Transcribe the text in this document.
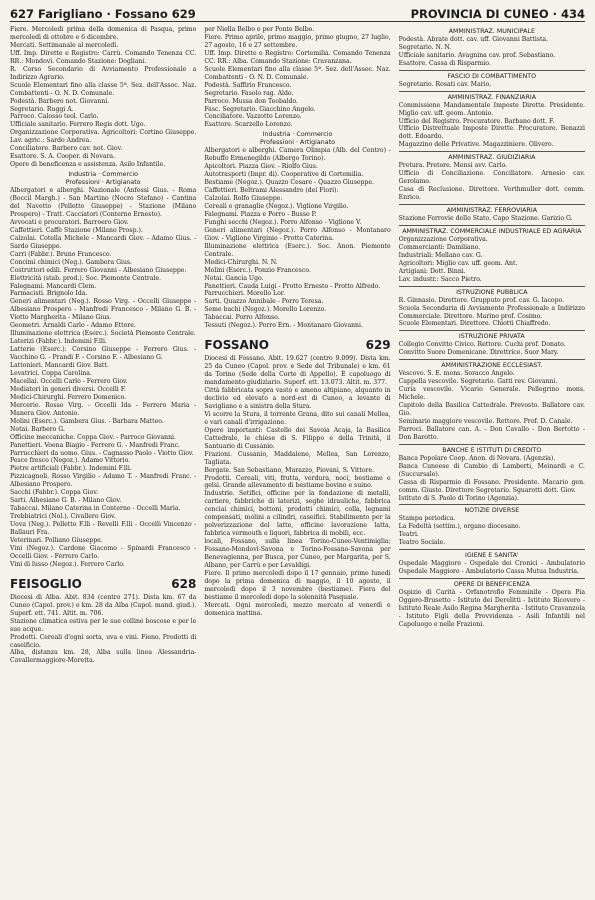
627 Farigliano · Fossano 629	PROVINCIA DI CUNEO · 434

Fiere. Mercoledì prima della domenica di Pasqua, primo mercoledì di ottobre e 6 dicembre.

Mercati. Settimanale al mercoledì.

Uff. Imp. Dirette e Registro: Carrù. Comando Tenenza CC. RR.: Mondovì. Comando Stazione: Dogliani.

R. Corso Secondario di Avviamento Professionale a Indirizzo Agrario.

Scuole Elementari fino alla classe 5ª. Sez. dell'Assoc. Naz. Combattenti - O. N. D. Comunale.

Podestà. Barbero not. Giovanni.

Segretario. Ruggi A.

Parroco. Calosso teol. Carlo.

Ufficiale sanitario. Ferrero Regis dott. Ugo.

Organizzazione Corporativa. Agricoltori: Cortino Giuseppe. Lav. agric.: Sardo Andrea.

Conciliatore. Barbero cav. not. Giov.

Esattore. S. A. Cooper. di Novara.

Opere di beneficenza e assistenza. Asilo Infantile.

Industria · Commercio
Professioni · Artigianato

Albergatori e alberghi. Nazionale (Anfossi Gius. - Roma (Boccil Margh.) - San Martino (Nocro Stefano) - Cantina del Navetto (Pelletto Giuseppe) - Stazione (Milano Prospero) - Tratt. Cacciatori (Conterno Ernesto).

Avvocati e procuratori. Barroero Giov.

Caffettieri. Caffè Stazione (Milano Prosp.).

Calzolai. Cotella Michele - Mancardi Giov. - Adamo Gius. - Sardo Giuseppe.

Carri (Fabbr.). Bruno Francesco.

Concimi chimici (Neg.). Gambera Gius.

Costruttori edili. Ferrero Giovanni - Albesiano Giuseppe.

Elettricità (stab. prod.). Soc. Piemonte Centrale.

Falegnami. Mancardi Clem.

Farmacisti. Brignolo Ida.

Generi alimentari (Neg.). Rosso Virg. - Occelli Giuseppe - Albesiano Prospero - Manfredi Francesco - Milano G. B. - Viotto Margherita - Milano Gius.

Geometri. Arnaldi Carlo - Adamo Ettore.

Illuminazione elettrica (Eserc.). Società Piemonte Centrale.

Laterizi (Fabbr.). Indemini F.lli.

Latterie (Eserc.). Corsino Giuseppe - Ferrero Gius. - Vacchino G. - Prandi F. - Corsino F. - Albesiano G.

Lattonieri. Mancardi Giov. Batt.

Levatrici. Coppa Carolina.

Macellai. Occelli Carlo - Ferrero Giov.

Mediatori in generi diversi. Occelli F.

Medici-Chirurghi. Ferrero Domenico.

Mercerie. Rosso Virg. - Occelli Ida - Ferrero Maria - Manera Giov. Antonio.

Molini (Eserc.). Gambera Gius. - Barbara Matteo.

Notai. Barbero G.

Officine meccaniche. Coppa Giov. - Parroco Giovanni.

Panettieri. Voena Biagio - Ferrero G. - Manfredi Franc.

Parrucchieri da uomo. Gius. - Cagnasso Paolo - Viotto Giov.

Pesce fresco (Negoz.). Adamo Vittorio.

Pietre artificiali (Fabbr.). Indemini F.lli.

Pizzicagnoli. Rosso Virgilio - Adamo T. - Manfredi Franc. - Albesiano Prospero.

Sacchi (Fabbr.). Coppa Giov.

Sarti. Albesiano G. B. - Milano Giov.

Tabaccai. Milano Caterina in Conterno - Occelli Maria.

Trebbiatrici (Nol.). Civallero Giov.

Uova (Neg.). Pelletto F.lli - Revelli F.lli - Occelli Vincenzo - Ballauri Fra.

Veterinari. Polliano Giuseppe.

Vini (Negoz.). Cardone Giacomo - Spinardi Francesco - Occelli Giov. - Ferrero Carlo.

Vini di lusso (Negoz.). Ferrero Carlo.

FEISOGLIO	628

Diocesi di Alba. Abit. 834 (centro 271). Dista km. 67 da Cuneo (Capol. prov.) e km. 28 da Alba (Capol. mand. giud.). Superf. ett. 741. Altit. m. 706.

Stazione climatica estiva per le sue colline boscose e per le sue acque.

Prodotti. Cereali d'ogni sorta, uva e vini. Fieno. Prodotti di caseificio.

Alba, distanza km. 28, Alba sulla linea Alessandria-Cavallermaggiore-Moretta.

per Niella Belbo e per Ponte Belbo.

Fiere. Primo aprile, primo maggio, primo giugno, 27 luglio, 27 agosto, 16 e 27 settembre.

Uff. Imp. Dirette e Registro: Cortemilia. Comando Tenenza CC. RR.: Alba. Comando Stazione: Cravanzana.

Scuole Elementari fino alla classe 5ª. Sez. dell'Assoc. Naz. Combattenti - O. N. D. Comunale.

Podestà. Saffirio Francesco.

Segretario. Fasolo rag. Aldo.

Parroco. Mussa don Teobaldo.

Fasc. Segretario. Giacchino Angelo.

Conciliatore. Vazzotto Lorenzo.

Esattore. Scarzello Lorenzo.

Industria · Commercio
Professioni · Artigianato

Albergatori e alberghi. Camera Olimpia (Alb. del Centro) - Rebuffo Ermenegildo (Albergo Torino).

Apicoltori. Piazza Giov. - Riolfo Gius.

Autotrasporti (Impr. di). Cooperative di Cortemilia.

Bestiame (Negoz.). Quazzo Cesare - Quazzo Giuseppe.

Caffettieri. Beltrami Alessandro (dei Fiori).

Calzolai. Rolfo Giuseppe.

Cereali e granaglie (Negoz.). Viglione Virgilio.

Falegnami. Piazza e Porro - Busso P.

Funghi secchi (Negoz.). Porro Alfonso - Viglione V.

Generi alimentari (Negoz.). Porro Alfonso - Montanaro Giov. - Viglione Virginio - Protto Caterina.

Illuminazione elettrica (Eserc.). Soc. Anon. Piemonte Centrale.

Medici-Chirurghi. N. N.

Molini (Eserc.). Ponzio Francesco.

Notai. Gancia Ugo.

Panettieri. Cauda Luigi - Protto Ernesto - Protto Alfredo.

Parrucchieri. Morello Lor.

Sarti. Quazzo Annibale - Porro Teresa.

Seme bachi (Negoz.). Morello Lorenzo.

Tabaccai. Porro Alfonso.

Tessuti (Negoz.). Porro Ern. - Montanaro Giovanni.

FOSSANO	629

Diocesi di Fossano. Abit. 19.627 (centro 9.099). Dista km. 25 da Cuneo (Capol. prov. e Sede del Tribunale) e km. 61 da Torino (Sede della Corte di Appello). È capoluogo di mandamento giudiziario. Superf. ett. 13.073. Altit. m. 377.

Città fabbricata sopra vasto e ameno altipiano, alquanto in declivio ed elevato a nord-est di Cuneo, a levante di Savigliano e a sinistra della Stura.

Vi scorre la Stura, il torrente Grana, dito sui canali Mellea, e vari canali d'irrigazione.

Opere importanti: Castello dei Savoia Acaja, la Basilica Cattedrale, le chiese di S. Filippo e della Trinità, il Santuario di Cussanio.

Frazioni. Cussanio, Maddalene, Mellea, San Lorenzo, Tagliata.

Borgate. San Sebastiano, Murazzo, Piovani, S. Vittore.

Prodotti. Cereali, viti, frutta, verdura, noci, bestiame e gelsi. Grande allevamento di bestiame bovino e suino.

Industrie. Setifici, officine per la fondazione di metalli, cartiere, fabbriche di laterizi, seghe idrauliche, fabbrica cenciai chimici, bottoni, prodotti chimici, colla, legnami compensati, molini a cilindri, caseifici. Stabilimento per la polverizzazione del latte, officine lavorazione latta, fabbrica vermouth e liquori, fabbrica di mobili, ecc.

locali, Fossano, sulla linea Torino-Cuneo-Ventimiglia; Fossano-Mondovì-Savona e Torino-Fossano-Savona per Benevagienna, per Busca, per Cuneo, per Margarita, per S. Albano, per Carrù e per Levaldigi.

Fiere. Il primo mercoledì dopo il 17 gennaio, primo lunedì dopo la prima domenica di maggio, il 10 agosto, il mercoledì dopo il 3 novembre (bestiame). Fiera del bestiame il mercoledì dopo la solennità Pasquale.

Mercati. Ogni mercoledì, mezzo mercato al venerdì e domenica mattina.

AMMINISTRAZ. MUNICIPALE

Podestà. Abrate dott. cav. uff. Giovanni Battista.

Segretario. N. N.

Ufficiale sanitario. Avagnina cav. prof. Sebastiano.

Esattore. Cassa di Risparmio.

FASCIO DI COMBATTIMENTO

Segretario. Rosati cav. Mario.

AMMINISTRAZ. FINANZIARIA

Commissione Mandamentale Imposte Dirette. Presidente. Miglio cav. uff. geom. Antonio.

Ufficio del Registro. Procuratore. Barbano dott. F.

Ufficio Distrettuale Imposte Dirette. Procuratore. Benazzi dott. Edoardo.

Magazzino delle Privative. Magazziniere. Olivero.

AMMINISTRAZ. GIUDIZIARIA

Pretura. Pretore. Mensi avv. Carlo.

Ufficio di Conciliazione. Conciliatore. Arnesio cav. Gerolamo.

Casa di Reclusione. Direttore. Verthmuller dott. comm. Enrico.

AMMINISTRAZ. FERROVIARIA

Stazione Ferrovie dello Stato. Capo Stazione. Garizio G.

AMMINISTRAZ. COMMERCIALE INDUSTRIALE ED AGRARIA

Organizzazione Corporativa.

Commercianti: Damiliano.

Industriali: Mellano cav. G.

Agricoltori: Miglio cav. uff. geom. Ant.

Artigiani: Dott. Binni.

Lav. industr.: Sacco Pietro.

ISTRUZIONE PUBBLICA

R. Ginnasio. Direttore. Grupputo prof. cav. G. Iacopo.

Scuola Secondaria di Avviamento Professionale a Indirizzo Commerciale. Direttore. Marino prof. Cosimo.

Scuole Elementari. Direttore. Chiotti Chiaffredo.

ISTRUZIONE PRIVATA

Collegio Convitto Civico. Rettore. Cuchi prof. Donato.

Convitto Suore Domenicane. Direttrice. Suor Mary.

AMMINISTRAZIONE ECCLESIAST.

Vescovo. S. E. mons. Soracco Angelo.

Cappella vescovile. Segretario. Gatti rev. Giovanni.

Curia vescovile. Vicario Generale. Pellegrino mons. Michele.

Capitolo della Basilica Cattedrale. Prevosto. Ballatore cav. Gio.

Seminario maggiore vescovile. Rettore. Prof. D. Canale.

Parroci. Ballatore can. A. - Don Cavallo - Don Bertotto - Don Barotto.

BANCHE E ISTITUTI DI CREDITO

Banca Popolare Coop. Anon. di Novara. (Agenzia).

Banca Cuneese di Cambio di Lamberti, Meinardi e C. (Succursale).

Cassa di Risparmio di Fossano. Presidente. Macario gen. comm. Giusto. Direttore Segretario. Sguarotti dott. Giov.

Istituto di S. Paolo di Torino (Agenzia).

NOTIZIE DIVERSE

Stampa periodica.

La Fedeltà (settim.), organo diocesano.

Teatri.

Teatro Sociale.

IGIENE E SANITA'

Ospedale Maggiore - Ospedale dei Cronici - Ambulatorio Ospedale Maggiore - Ambulatorio Cassa Mutua Industria.

OPERE DI BENEFICENZA

Ospizio di Carità - Orfanotrofio Femminile - Opera Pia Oggero-Brusetto - Istituto dei Derelitti - Istituto Ricovero - Istituto Reale Asilo Regina Margherita - Istituto Cravanzola - Istituto Figli della Provvidenza - Asili Infantili nel Capoluogo e nelle Frazioni.
